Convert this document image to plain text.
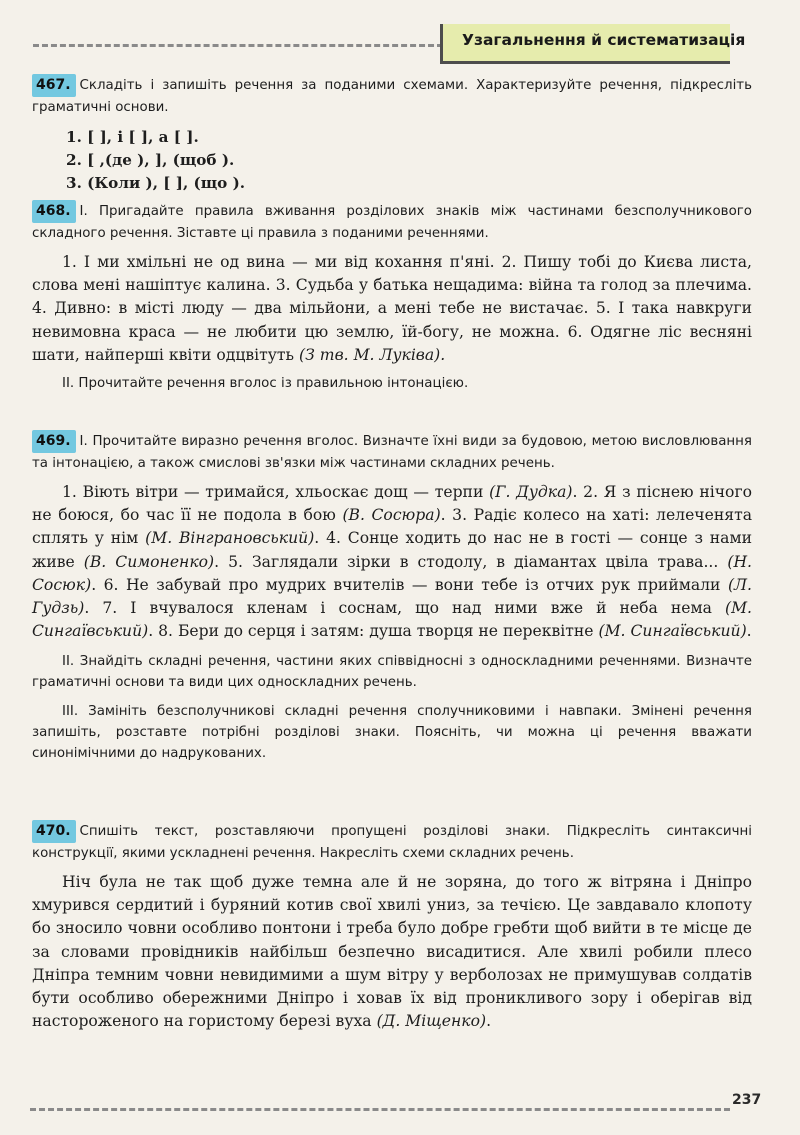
Узагальнення й систематизація

467. Складіть і запишіть речення за поданими схемами. Характеризуйте речення, підкресліть граматичні основи.

1. [ ], і [ ], а [ ].
2. [ ,(де ), ], (щоб ).
3. (Коли ), [ ], (що ).

468. І. Пригадайте правила вживання розділових знаків між частинами безсполучникового складного речення. Зіставте ці правила з поданими реченнями.

1. І ми хмільні не од вина — ми від кохання п'яні. 2. Пишу тобі до Києва листа, слова мені нашіптує калина. 3. Судьба у батька нещадима: війна та голод за плечима. 4. Дивно: в місті люду — два мільйони, а мені тебе не вистачає. 5. І така навкруги невимовна краса — не любити цю землю, їй-богу, не можна. 6. Одягне ліс весняні шати, найперші квіти одцвітуть (З тв. М. Луківа).

ІІ. Прочитайте речення вголос із правильною інтонацією.

469. І. Прочитайте виразно речення вголос. Визначте їхні види за будовою, метою висловлювання та інтонацією, а також смислові зв'язки між частинами складних речень.

1. Віють вітри — тримайся, хльоскає дощ — терпи (Г. Дудка). 2. Я з піснею нічого не боюся, бо час її не подола в бою (В. Сосюра). 3. Радіє колесо на хаті: лелеченята сплять у нім (М. Вінграновський). 4. Сонце ходить до нас не в гості — сонце з нами живе (В. Симоненко). 5. Заглядали зірки в стодолу, в діамантах цвіла трава... (Н. Сосюк). 6. Не забувай про мудрих вчителів — вони тебе із отчих рук приймали (Л. Гудзь). 7. І вчувалося кленам і соснам, що над ними вже й неба нема (М. Сингаївський). 8. Бери до серця і затям: душа творця не переквітне (М. Сингаївський).

ІІ. Знайдіть складні речення, частини яких співвідносні з односкладними реченнями. Визначте граматичні основи та види цих односкладних речень.

ІІІ. Замініть безсполучникові складні речення сполучниковими і навпаки. Змінені речення запишіть, розставте потрібні розділові знаки. Поясніть, чи можна ці речення вважати синонімічними до надрукованих.

470. Спишіть текст, розставляючи пропущені розділові знаки. Підкресліть синтаксичні конструкції, якими ускладнені речення. Накресліть схеми складних речень.

Ніч була не так щоб дуже темна але й не зоряна, до того ж вітряна і Дніпро хмурився сердитий і буряний котив свої хвилі униз, за течією. Це завдавало клопоту бо зносило човни особливо понтони і треба було добре гребти щоб вийти в те місце де за словами провідників найбільш безпечно висадитися. Але хвилі робили плесо Дніпра темним човни невидимими а шум вітру у верболозах не примушував солдатів бути особливо обережними Дніпро і ховав їх від проникливого зору і оберігав від настороженого на гористому березі вуха (Д. Міщенко).

237
